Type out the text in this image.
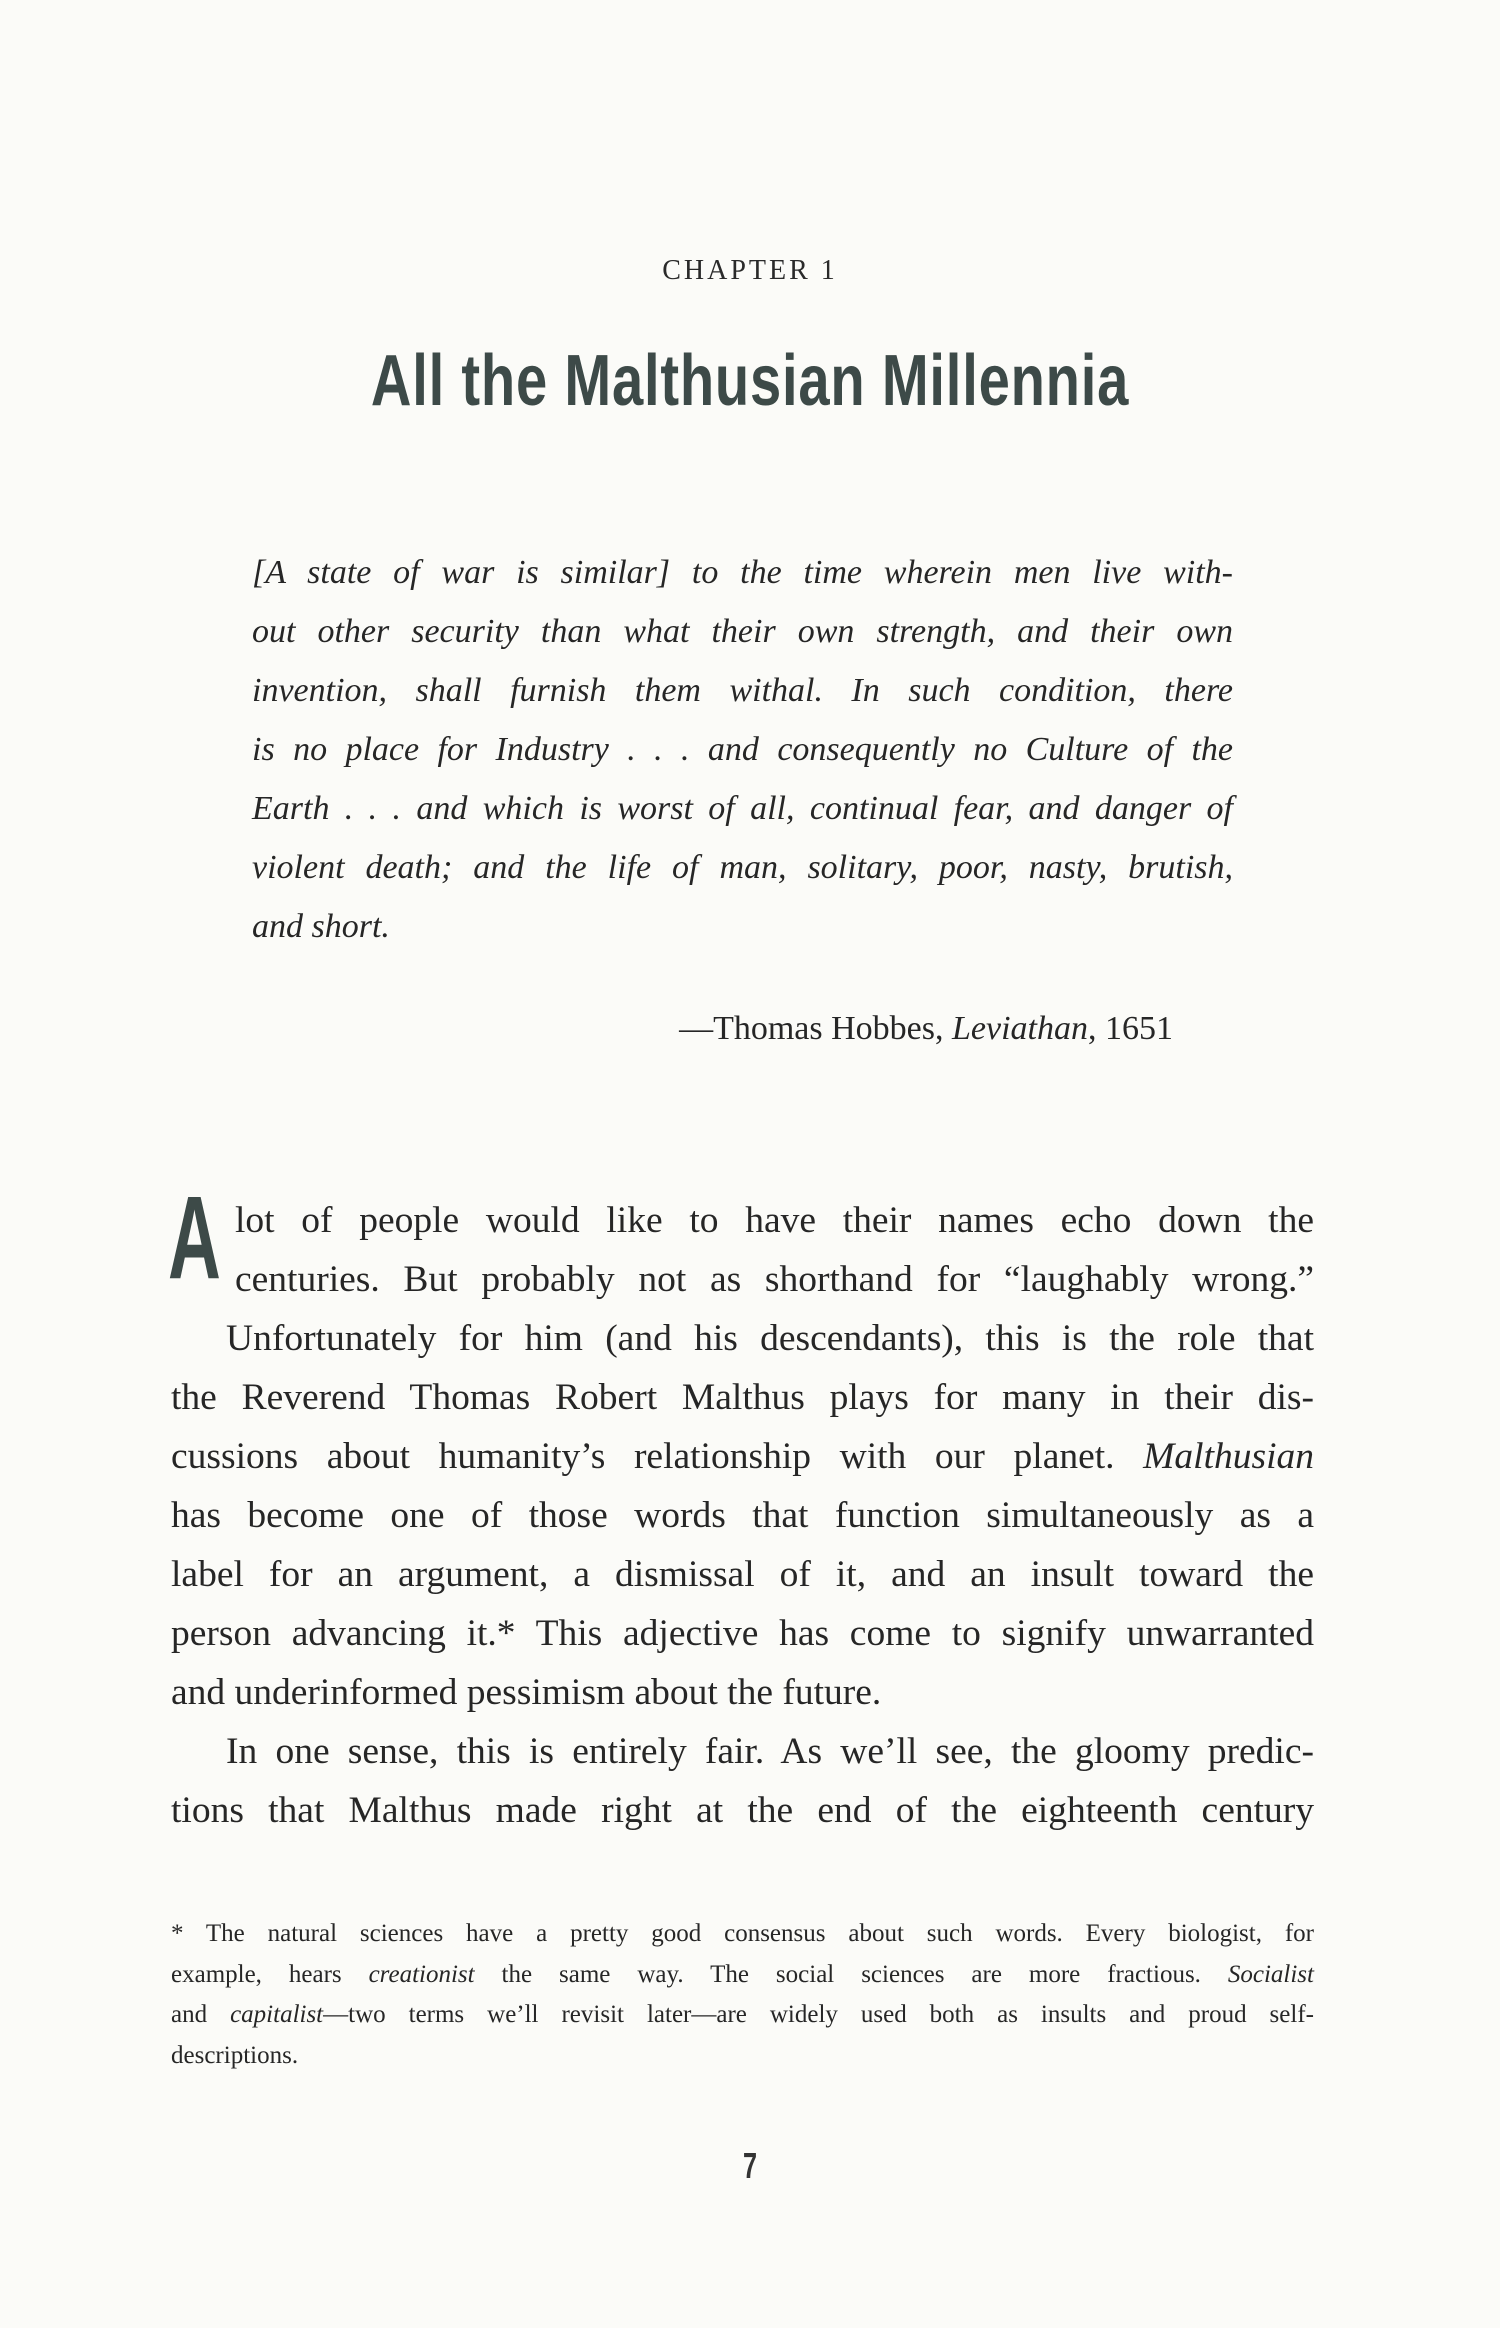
CHAPTER 1
All the Malthusian Millennia
[A state of war is similar] to the time wherein men live with-
out other security than what their own strength, and their own
invention, shall furnish them withal. In such condition, there
is no place for Industry . . . and consequently no Culture of the
Earth . . . and which is worst of all, continual fear, and danger of
violent death; and the life of man, solitary, poor, nasty, brutish,
and short.
—Thomas Hobbes, Leviathan, 1651
A lot of people would like to have their names echo down the
centuries. But probably not as shorthand for “laughably wrong.”
Unfortunately for him (and his descendants), this is the role that
the Reverend Thomas Robert Malthus plays for many in their dis-
cussions about humanity’s relationship with our planet. Malthusian
has become one of those words that function simultaneously as a
label for an argument, a dismissal of it, and an insult toward the
person advancing it.* This adjective has come to signify unwarranted
and underinformed pessimism about the future.
In one sense, this is entirely fair. As we’ll see, the gloomy predic-
tions that Malthus made right at the end of the eighteenth century
* The natural sciences have a pretty good consensus about such words. Every biologist, for
example, hears creationist the same way. The social sciences are more fractious. Socialist
and capitalist—two terms we’ll revisit later—are widely used both as insults and proud self-
descriptions.
7
